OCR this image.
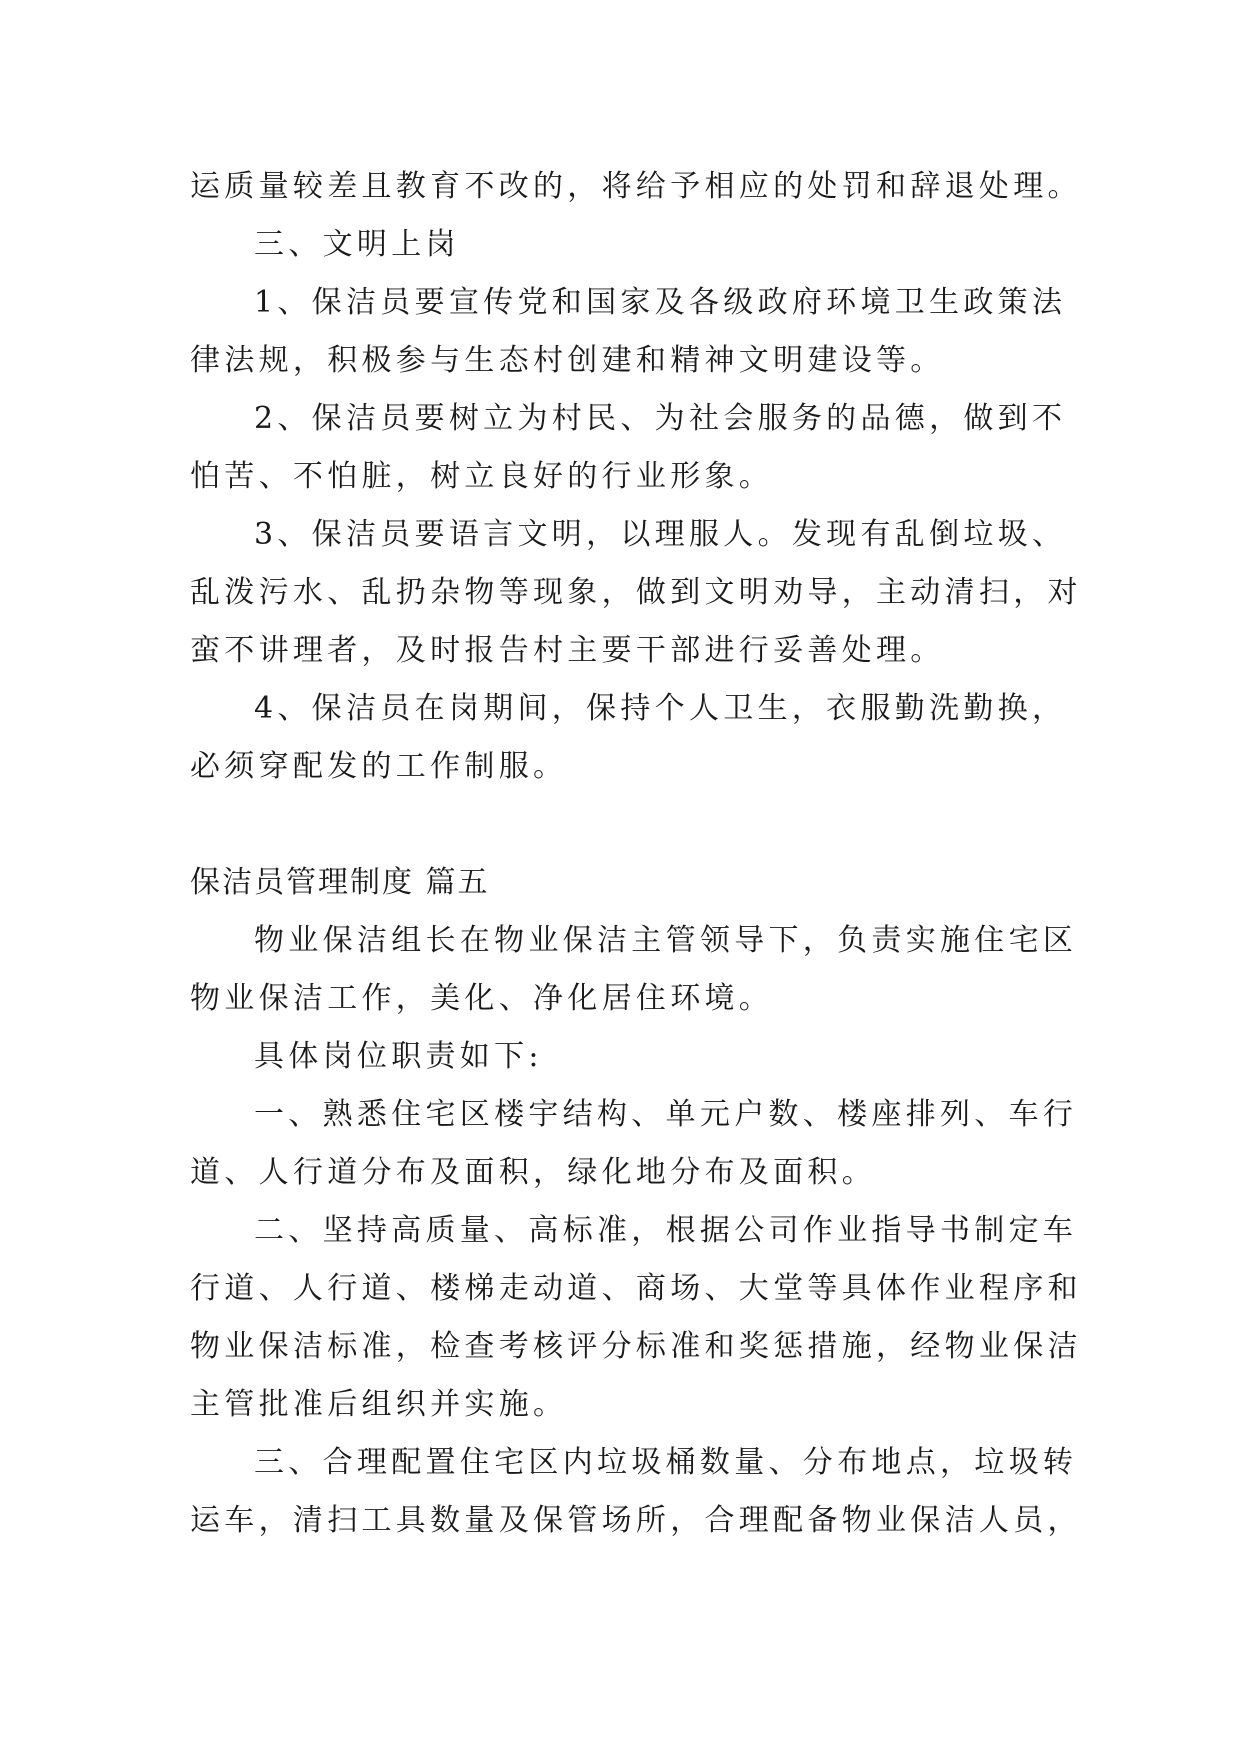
运质量较差且教育不改的，将给予相应的处罚和辞退处理。
三、文明上岗
1、保洁员要宣传党和国家及各级政府环境卫生政策法
律法规，积极参与生态村创建和精神文明建设等。
2、保洁员要树立为村民、为社会服务的品德，做到不
怕苦、不怕脏，树立良好的行业形象。
3、保洁员要语言文明，以理服人。发现有乱倒垃圾、
乱泼污水、乱扔杂物等现象，做到文明劝导，主动清扫，对
蛮不讲理者，及时报告村主要干部进行妥善处理。
4、保洁员在岗期间，保持个人卫生，衣服勤洗勤换，
必须穿配发的工作制服。
保洁员管理制度 篇五
物业保洁组长在物业保洁主管领导下，负责实施住宅区
物业保洁工作，美化、净化居住环境。
具体岗位职责如下:
一、熟悉住宅区楼宇结构、单元户数、楼座排列、车行
道、人行道分布及面积，绿化地分布及面积。
二、坚持高质量、高标准，根据公司作业指导书制定车
行道、人行道、楼梯走动道、商场、大堂等具体作业程序和
物业保洁标准，检查考核评分标准和奖惩措施，经物业保洁
主管批准后组织并实施。
三、合理配置住宅区内垃圾桶数量、分布地点，垃圾转
运车，清扫工具数量及保管场所，合理配备物业保洁人员，
